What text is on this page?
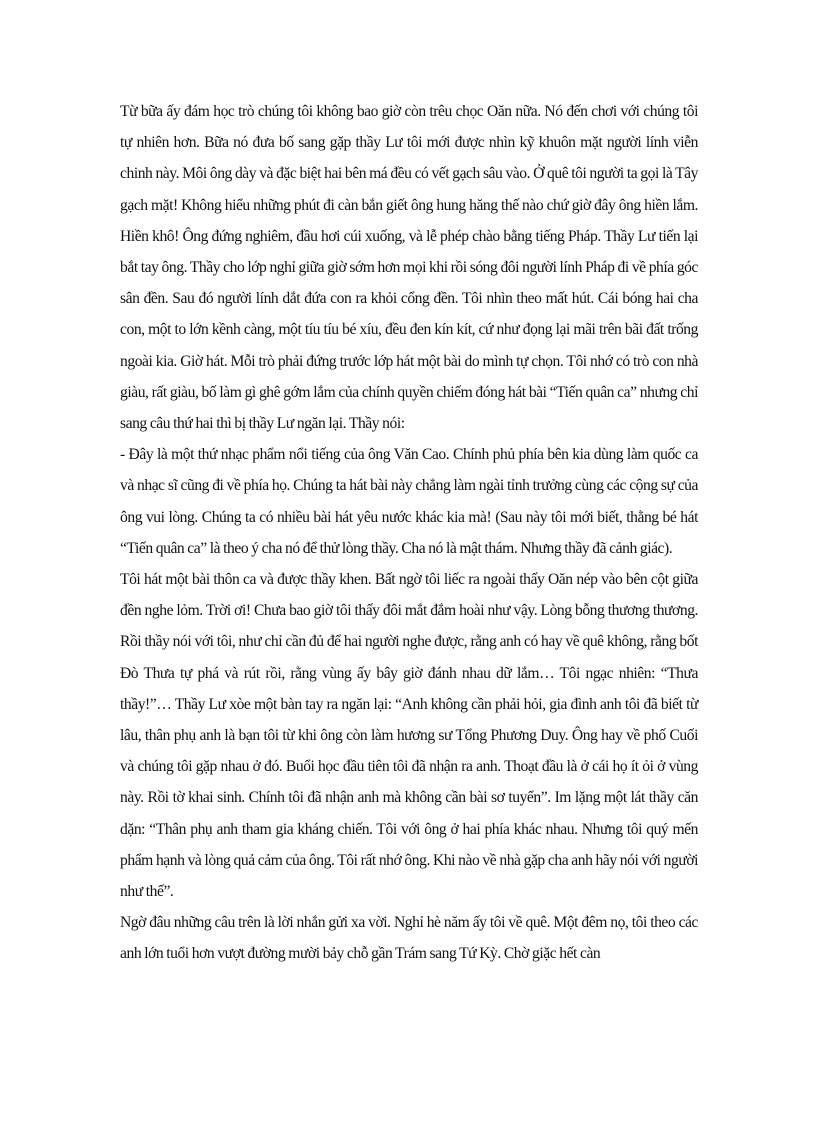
Từ bữa ấy đám học trò chúng tôi không bao giờ còn trêu chọc Oăn nữa. Nó đến chơi với chúng tôi tự nhiên hơn. Bữa nó đưa bố sang gặp thầy Lư tôi mới được nhìn kỹ khuôn mặt người lính viễn chinh này. Môi ông dày và đặc biệt hai bên má đều có vết gạch sâu vào. Ở quê tôi người ta gọi là Tây gạch mặt! Không hiểu những phút đi càn bắn giết ông hung hăng thế nào chứ giờ đây ông hiền lắm. Hiền khô! Ông đứng nghiêm, đầu hơi cúi xuống, và lễ phép chào bằng tiếng Pháp. Thầy Lư tiến lại bắt tay ông. Thầy cho lớp nghỉ giữa giờ sớm hơn mọi khi rồi sóng đôi người lính Pháp đi về phía góc sân đền. Sau đó người lính dắt đứa con ra khỏi cổng đền. Tôi nhìn theo mất hút. Cái bóng hai cha con, một to lớn kềnh càng, một tíu tíu bé xíu, đều đen kín kít, cứ như đọng lại mãi trên bãi đất trống ngoài kia. Giờ hát. Mỗi trò phải đứng trước lớp hát một bài do mình tự chọn. Tôi nhớ có trò con nhà giàu, rất giàu, bố làm gì ghê gớm lắm của chính quyền chiếm đóng hát bài “Tiến quân ca” nhưng chỉ sang câu thứ hai thì bị thầy Lư ngăn lại. Thầy nói:

- Đây là một thứ nhạc phẩm nổi tiếng của ông Văn Cao. Chính phủ phía bên kia dùng làm quốc ca và nhạc sĩ cũng đi về phía họ. Chúng ta hát bài này chẳng làm ngài tỉnh trưởng cùng các cộng sự của ông vui lòng. Chúng ta có nhiều bài hát yêu nước khác kia mà! (Sau này tôi mới biết, thằng bé hát “Tiến quân ca” là theo ý cha nó để thử lòng thầy. Cha nó là mật thám. Nhưng thầy đã cảnh giác).

Tôi hát một bài thôn ca và được thầy khen. Bất ngờ tôi liếc ra ngoài thấy Oăn nép vào bên cột giữa đền nghe lỏm. Trời ơi! Chưa bao giờ tôi thấy đôi mắt đắm hoài như vậy. Lòng bỗng thương thương. Rồi thầy nói với tôi, như chỉ cần đủ để hai người nghe được, rằng anh có hay về quê không, rằng bốt Đò Thưa tự phá và rút rồi, rằng vùng ấy bây giờ đánh nhau dữ lắm… Tôi ngạc nhiên: “Thưa thầy!”… Thầy Lư xòe một bàn tay ra ngăn lại: “Anh không cần phải hỏi, gia đình anh tôi đã biết từ lâu, thân phụ anh là bạn tôi từ khi ông còn làm hương sư Tổng Phương Duy. Ông hay về phố Cuối và chúng tôi gặp nhau ở đó. Buổi học đầu tiên tôi đã nhận ra anh. Thoạt đầu là ở cái họ ít ỏi ở vùng này. Rồi tờ khai sinh. Chính tôi đã nhận anh mà không cần bài sơ tuyển”. Im lặng một lát thầy căn dặn: “Thân phụ anh tham gia kháng chiến. Tôi với ông ở hai phía khác nhau. Nhưng tôi quý mến phẩm hạnh và lòng quả cảm của ông. Tôi rất nhớ ông. Khi nào về nhà gặp cha anh hãy nói với người như thế”.

Ngờ đâu những câu trên là lời nhắn gửi xa vời. Nghỉ hè năm ấy tôi về quê. Một đêm nọ, tôi theo các anh lớn tuổi hơn vượt đường mười bảy chỗ gần Trám sang Tứ Kỳ. Chờ giặc hết càn
